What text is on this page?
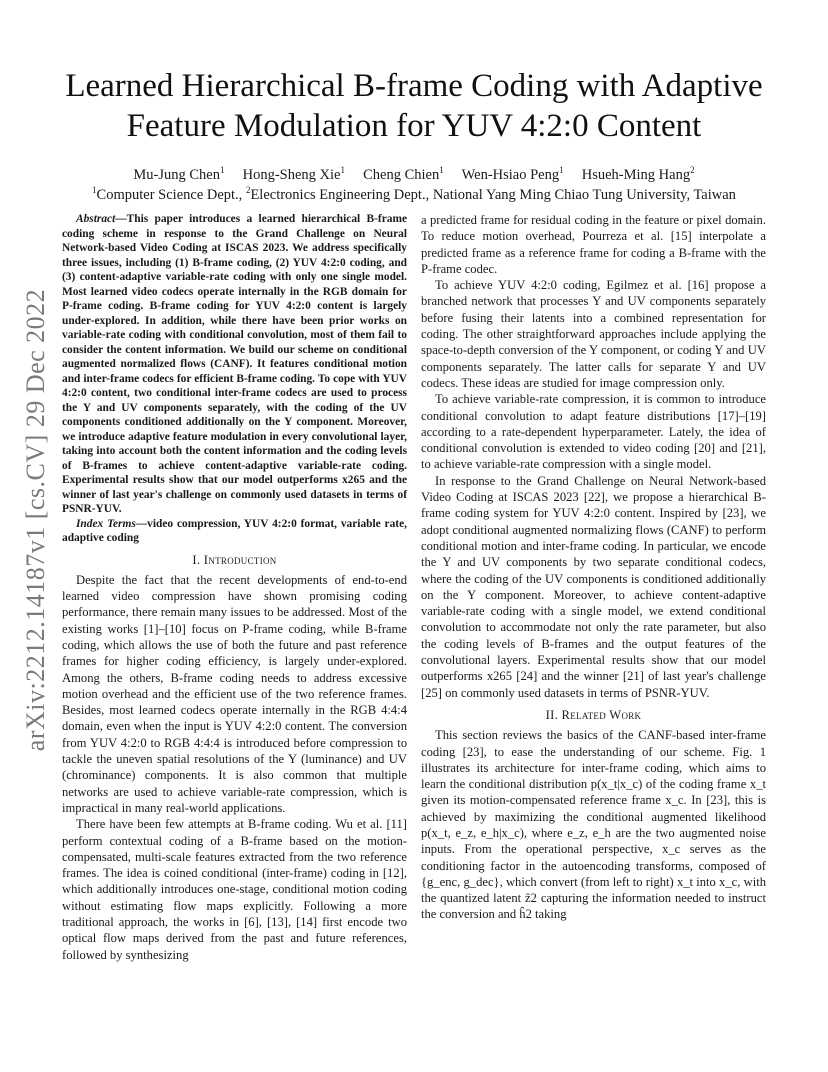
arXiv:2212.14187v1 [cs.CV] 29 Dec 2022
Learned Hierarchical B-frame Coding with Adaptive
Feature Modulation for YUV 4:2:0 Content
Mu-Jung Chen$^1$ Hong-Sheng Xie$^1$ Cheng Chien$^1$ Wen-Hsiao Peng$^1$ Hsueh-Ming Hang$^2$
$^1$Computer Science Dept., $^2$Electronics Engineering Dept., National Yang Ming Chiao Tung University, Taiwan

Abstract—This paper introduces a learned hierarchical B-frame coding scheme in response to the Grand Challenge on Neural Network-based Video Coding at ISCAS 2023. We address specifically three issues, including (1) B-frame coding, (2) YUV 4:2:0 coding, and (3) content-adaptive variable-rate coding with only one single model. Most learned video codecs operate internally in the RGB domain for P-frame coding. B-frame coding for YUV 4:2:0 content is largely under-explored. In addition, while there have been prior works on variable-rate coding with conditional convolution, most of them fail to consider the content information. We build our scheme on conditional augmented normalized flows (CANF). It features conditional motion and inter-frame codecs for efficient B-frame coding. To cope with YUV 4:2:0 content, two conditional inter-frame codecs are used to process the Y and UV components separately, with the coding of the UV components conditioned additionally on the Y component. Moreover, we introduce adaptive feature modulation in every convolutional layer, taking into account both the content information and the coding levels of B-frames to achieve content-adaptive variable-rate coding. Experimental results show that our model outperforms x265 and the winner of last year's challenge on commonly used datasets in terms of PSNR-YUV.

Index Terms—video compression, YUV 4:2:0 format, variable rate, adaptive coding

I. Introduction

Despite the fact that the recent developments of end-to-end learned video compression have shown promising coding performance, there remain many issues to be addressed. Most of the existing works [1]–[10] focus on P-frame coding, while B-frame coding, which allows the use of both the future and past reference frames for higher coding efficiency, is largely under-explored. Among the others, B-frame coding needs to address excessive motion overhead and the efficient use of the two reference frames. Besides, most learned codecs operate internally in the RGB 4:4:4 domain, even when the input is YUV 4:2:0 content. The conversion from YUV 4:2:0 to RGB 4:4:4 is introduced before compression to tackle the uneven spatial resolutions of the Y (luminance) and UV (chrominance) components. It is also common that multiple networks are used to achieve variable-rate compression, which is impractical in many real-world applications.

There have been few attempts at B-frame coding. Wu et al. [11] perform contextual coding of a B-frame based on the motion-compensated, multi-scale features extracted from the two reference frames. The idea is coined conditional (inter-frame) coding in [12], which additionally introduces one-stage, conditional motion coding without estimating flow maps explicitly. Following a more traditional approach, the works in [6], [13], [14] first encode two optical flow maps derived from the past and future references, followed by synthesizing

a predicted frame for residual coding in the feature or pixel domain. To reduce motion overhead, Pourreza et al. [15] interpolate a predicted frame as a reference frame for coding a B-frame with the P-frame codec.

To achieve YUV 4:2:0 coding, Egilmez et al. [16] propose a branched network that processes Y and UV components separately before fusing their latents into a combined representation for coding. The other straightforward approaches include applying the space-to-depth conversion of the Y component, or coding Y and UV components separately. The latter calls for separate Y and UV codecs. These ideas are studied for image compression only.

To achieve variable-rate compression, it is common to introduce conditional convolution to adapt feature distributions [17]–[19] according to a rate-dependent hyperparameter. Lately, the idea of conditional convolution is extended to video coding [20] and [21], to achieve variable-rate compression with a single model.

In response to the Grand Challenge on Neural Network-based Video Coding at ISCAS 2023 [22], we propose a hierarchical B-frame coding system for YUV 4:2:0 content. Inspired by [23], we adopt conditional augmented normalizing flows (CANF) to perform conditional motion and inter-frame coding. In particular, we encode the Y and UV components by two separate conditional codecs, where the coding of the UV components is conditioned additionally on the Y component. Moreover, to achieve content-adaptive variable-rate coding with a single model, we extend conditional convolution to accommodate not only the rate parameter, but also the coding levels of B-frames and the output features of the convolutional layers. Experimental results show that our model outperforms x265 [24] and the winner [21] of last year's challenge [25] on commonly used datasets in terms of PSNR-YUV.

II. Related Work

This section reviews the basics of the CANF-based inter-frame coding [23], to ease the understanding of our scheme. Fig. 1 illustrates its architecture for inter-frame coding, which aims to learn the conditional distribution p(x_t|x_c) of the coding frame x_t given its motion-compensated reference frame x_c. In [23], this is achieved by maximizing the conditional augmented likelihood p(x_t, e_z, e_h|x_c), where e_z, e_h are the two augmented noise inputs. From the operational perspective, x_c serves as the conditioning factor in the autoencoding transforms, composed of {g_enc, g_dec}, which convert (from left to right) x_t into x_c, with the quantized latent ẑ2 capturing the information needed to instruct the conversion and ĥ2 taking
